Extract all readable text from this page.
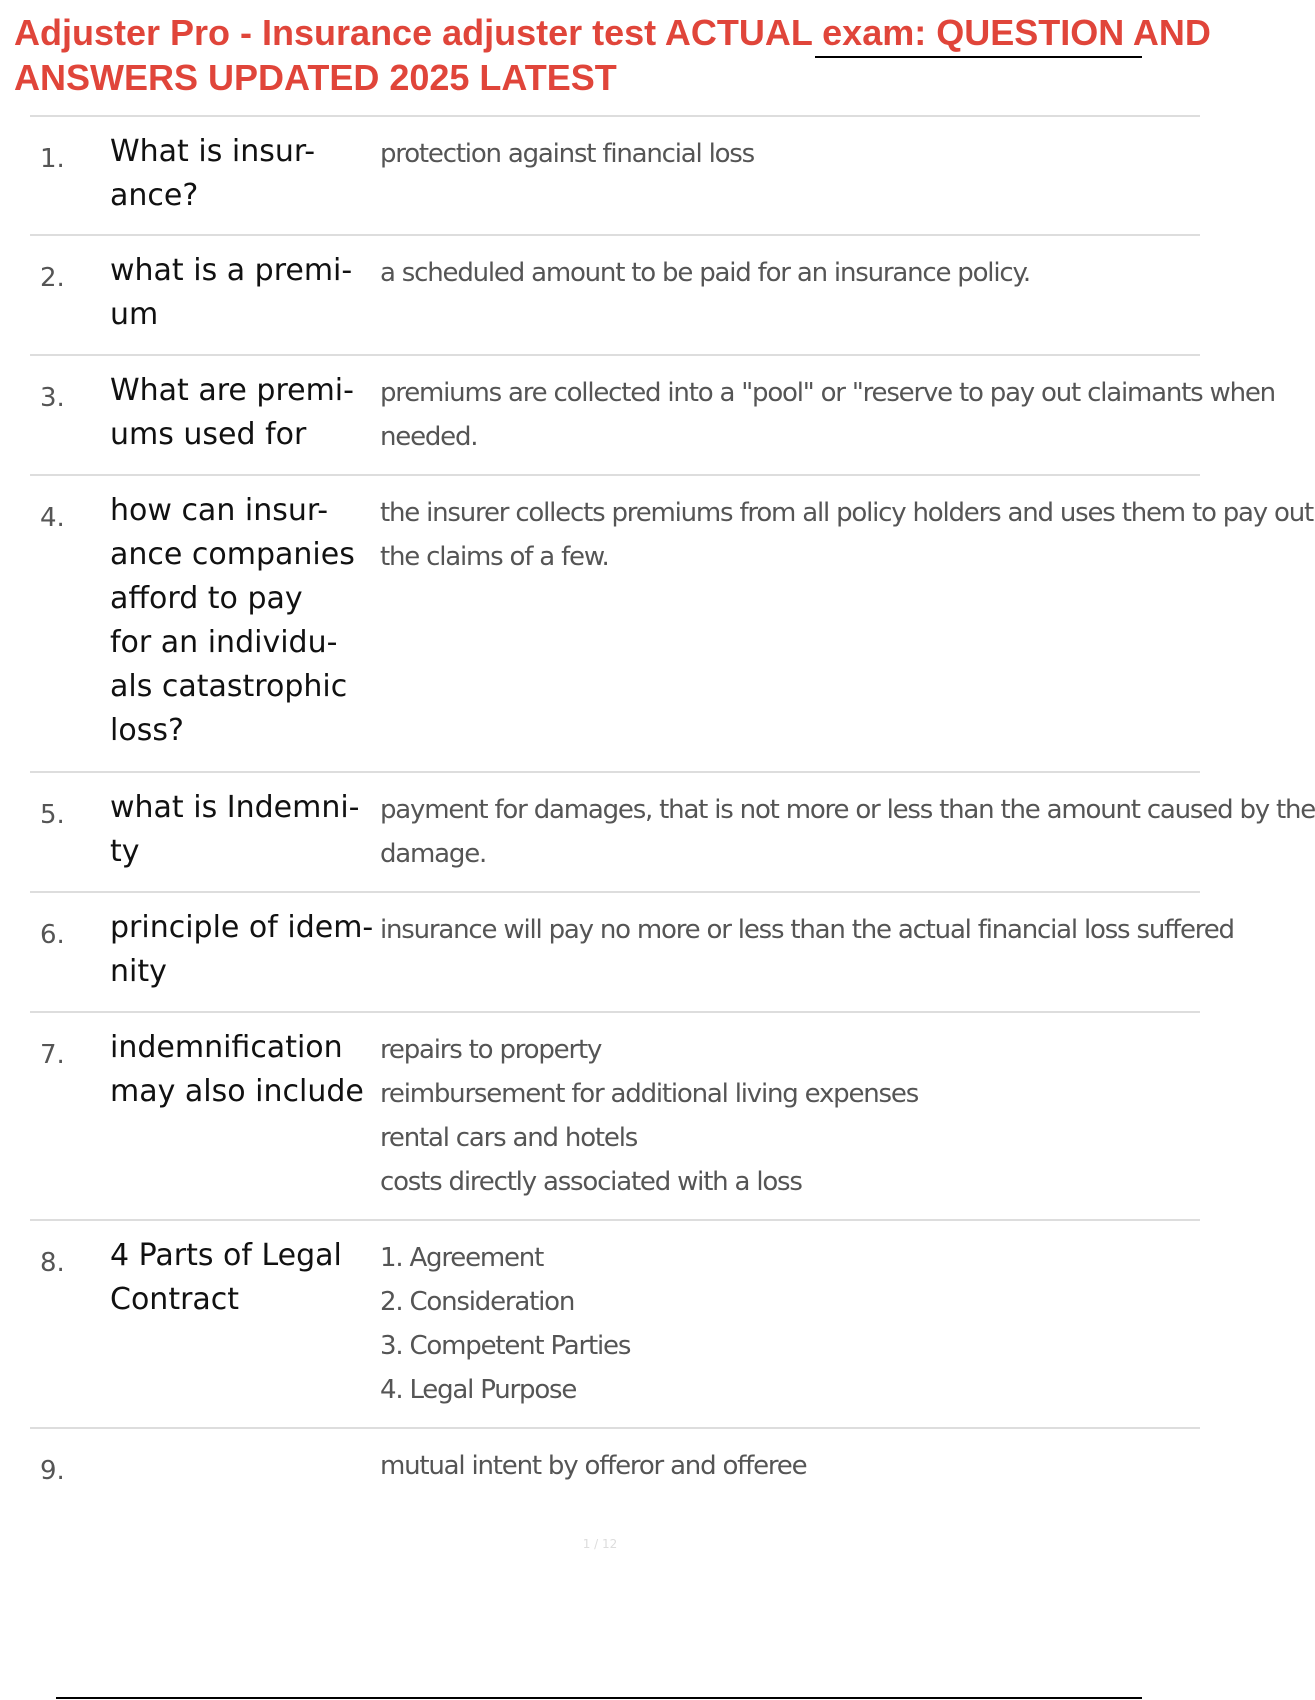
Adjuster Pro - Insurance adjuster test ACTUAL exam: QUESTION AND
ANSWERS UPDATED 2025 LATEST
1. What is insur-
ance?
protection against financial loss
2. what is a premi-
um
a scheduled amount to be paid for an insurance policy.
3. What are premi-
ums used for
premiums are collected into a "pool" or "reserve to pay out claimants when
needed.
4. how can insur-
ance companies
afford to pay
for an individu-
als catastrophic
loss?
the insurer collects premiums from all policy holders and uses them to pay out
the claims of a few.
5. what is Indemni-
ty
payment for damages, that is not more or less than the amount caused by the
damage.
6. principle of idem-
nity
insurance will pay no more or less than the actual financial loss suffered
7. indemnification
may also include
repairs to property
reimbursement for additional living expenses
rental cars and hotels
costs directly associated with a loss
8. 4 Parts of Legal
Contract
1. Agreement
2. Consideration
3. Competent Parties
4. Legal Purpose
9.	mutual intent by offeror and offeree
1 / 12
